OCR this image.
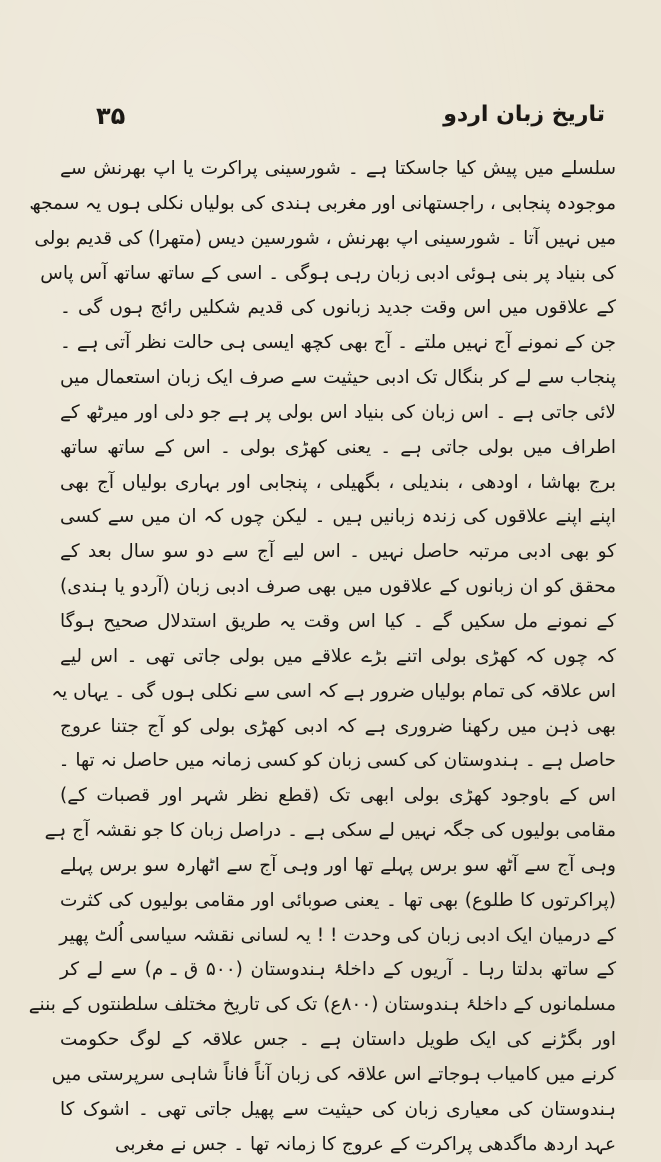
۳۵	تاریخ زبان اردو
سلسلے میں پیش کیا جاسکتا ہے ۔ شورسینی پراکرت یا اپ بھرنش سے
موجودہ پنجابی ، راجستھانی اور مغربی ہندی کی بولیاں نکلی ہوں یہ سمجھ
میں نہیں آتا ۔ شورسینی اپ بھرنش ، شورسین دیس (متھرا) کی قدیم بولی
کی بنیاد پر بنی ہوئی ادبی زبان رہی ہوگی ۔ اسی کے ساتھ ساتھ آس پاس
کے علاقوں میں اس وقت جدید زبانوں کی قدیم شکلیں رائج ہوں گی ۔
جن کے نمونے آج نہیں ملتے ۔ آج بھی کچھ ایسی ہی حالت نظر آتی ہے ۔
پنجاب سے لے کر بنگال تک ادبی حیثیت سے صرف ایک زبان استعمال میں
لائی جاتی ہے ۔ اس زبان کی بنیاد اس بولی پر ہے جو دلی اور میرٹھ کے
اطراف میں بولی جاتی ہے ۔ یعنی کھڑی بولی ۔ اس کے ساتھ ساتھ
برج بھاشا ، اودھی ، بندیلی ، بگھیلی ، پنجابی اور بہاری بولیاں آج بھی
اپنے اپنے علاقوں کی زندہ زبانیں ہیں ۔ لیکن چوں کہ ان میں سے کسی
کو بھی ادبی مرتبہ حاصل نہیں ۔ اس لیے آج سے دو سو سال بعد کے
محقق کو ان زبانوں کے علاقوں میں بھی صرف ادبی زبان (آردو یا ہندی)
کے نمونے مل سکیں گے ۔ کیا اس وقت یہ طریق استدلال صحیح ہوگا
کہ چوں کہ کھڑی بولی اتنے بڑے علاقے میں بولی جاتی تھی ۔ اس لیے
اس علاقہ کی تمام بولیاں ضرور ہے کہ اسی سے نکلی ہوں گی ۔ یہاں یہ
بھی ذہن میں رکھنا ضروری ہے کہ ادبی کھڑی بولی کو آج جتنا عروج
حاصل ہے ۔ ہندوستان کی کسی زبان کو کسی زمانہ میں حاصل نہ تھا ۔
اس کے باوجود کھڑی بولی ابھی تک (قطع نظر شہر اور قصبات کے)
مقامی بولیوں کی جگہ نہیں لے سکی ہے ۔ دراصل زبان کا جو نقشہ آج ہے
وہی آج سے آٹھ سو برس پہلے تھا اور وہی آج سے اٹھارہ سو برس پہلے
(پراکرتوں کا طلوع) بھی تھا ۔ یعنی صوبائی اور مقامی بولیوں کی کثرت
کے درمیان ایک ادبی زبان کی وحدت ! ! یہ لسانی نقشہ سیاسی اُلٹ پھیر
کے ساتھ بدلتا رہا ۔ آریوں کے داخلۂ ہندوستان (۵۰۰ ق ـ م) سے لے کر
مسلمانوں کے داخلۂ ہندوستان (۸۰۰ع) تک کی تاریخ مختلف سلطنتوں کے بننے
اور بگڑنے کی ایک طویل داستان ہے ۔ جس علاقہ کے لوگ حکومت
کرنے میں کامیاب ہوجاتے اس علاقہ کی زبان آناً فاناً شاہی سرپرستی میں
ہندوستان کی معیاری زبان کی حیثیت سے پھیل جاتی تھی ۔ اشوک کا
عہد اردھ ماگدھی پراکرت کے عروج کا زمانہ تھا ۔ جس نے مغربی
